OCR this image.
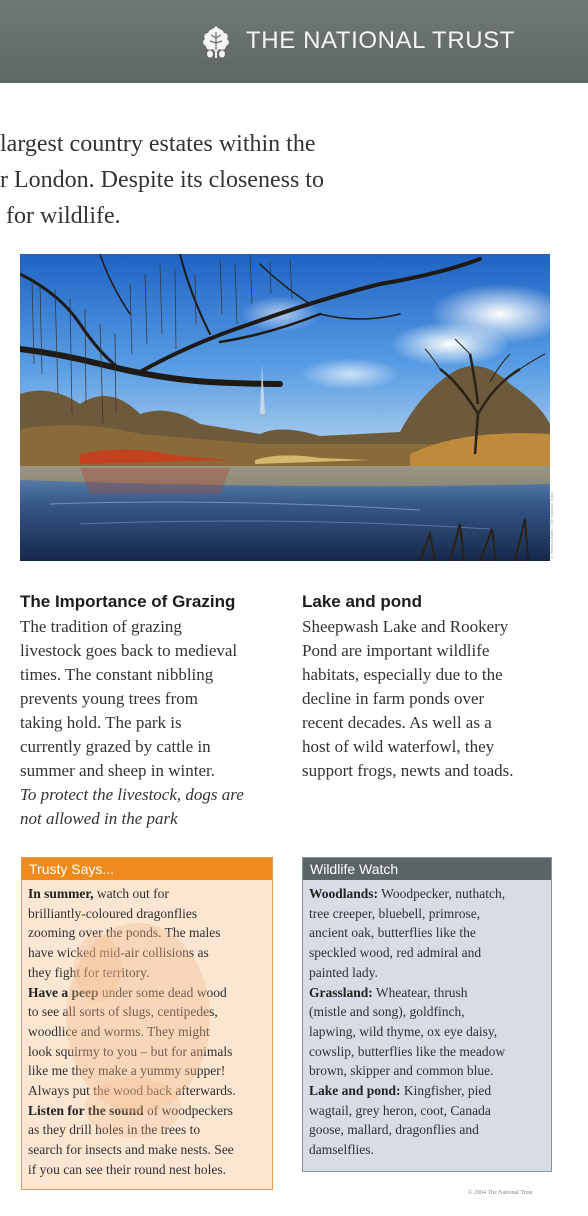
THE NATIONAL TRUST
largest country estates within the
r London. Despite its closeness to
for wildlife.
© Richard Bates / The National Trust
The Importance of Grazing

The tradition of grazing
livestock goes back to medieval
times. The constant nibbling
prevents young trees from
taking hold. The park is
currently grazed by cattle in
summer and sheep in winter.
To protect the livestock, dogs are
not allowed in the park

Lake and pond

Sheepwash Lake and Rookery
Pond are important wildlife
habitats, especially due to the
decline in farm ponds over
recent decades. As well as a
host of wild waterfowl, they
support frogs, newts and toads.

Trusty Says...
In summer, watch out for
brilliantly-coloured dragonflies
zooming over the ponds. The males
have wicked mid-air collisions as
they fight for territory.
Have a peep under some dead wood
to see all sorts of slugs, centipedes,
woodlice and worms. They might
look squirmy to you – but for animals
like me they make a yummy supper!
Always put the wood back afterwards.
Listen for the sound of woodpeckers
as they drill holes in the trees to
search for insects and make nests. See
if you can see their round nest holes.
Wildlife Watch
Woodlands: Woodpecker, nuthatch,
tree creeper, bluebell, primrose,
ancient oak, butterflies like the
speckled wood, red admiral and
painted lady.
Grassland: Wheatear, thrush
(mistle and song), goldfinch,
lapwing, wild thyme, ox eye daisy,
cowslip, butterflies like the meadow
brown, skipper and common blue.
Lake and pond: Kingfisher, pied
wagtail, grey heron, coot, Canada
goose, mallard, dragonflies and
damselflies.
© 2004 The National Trust
